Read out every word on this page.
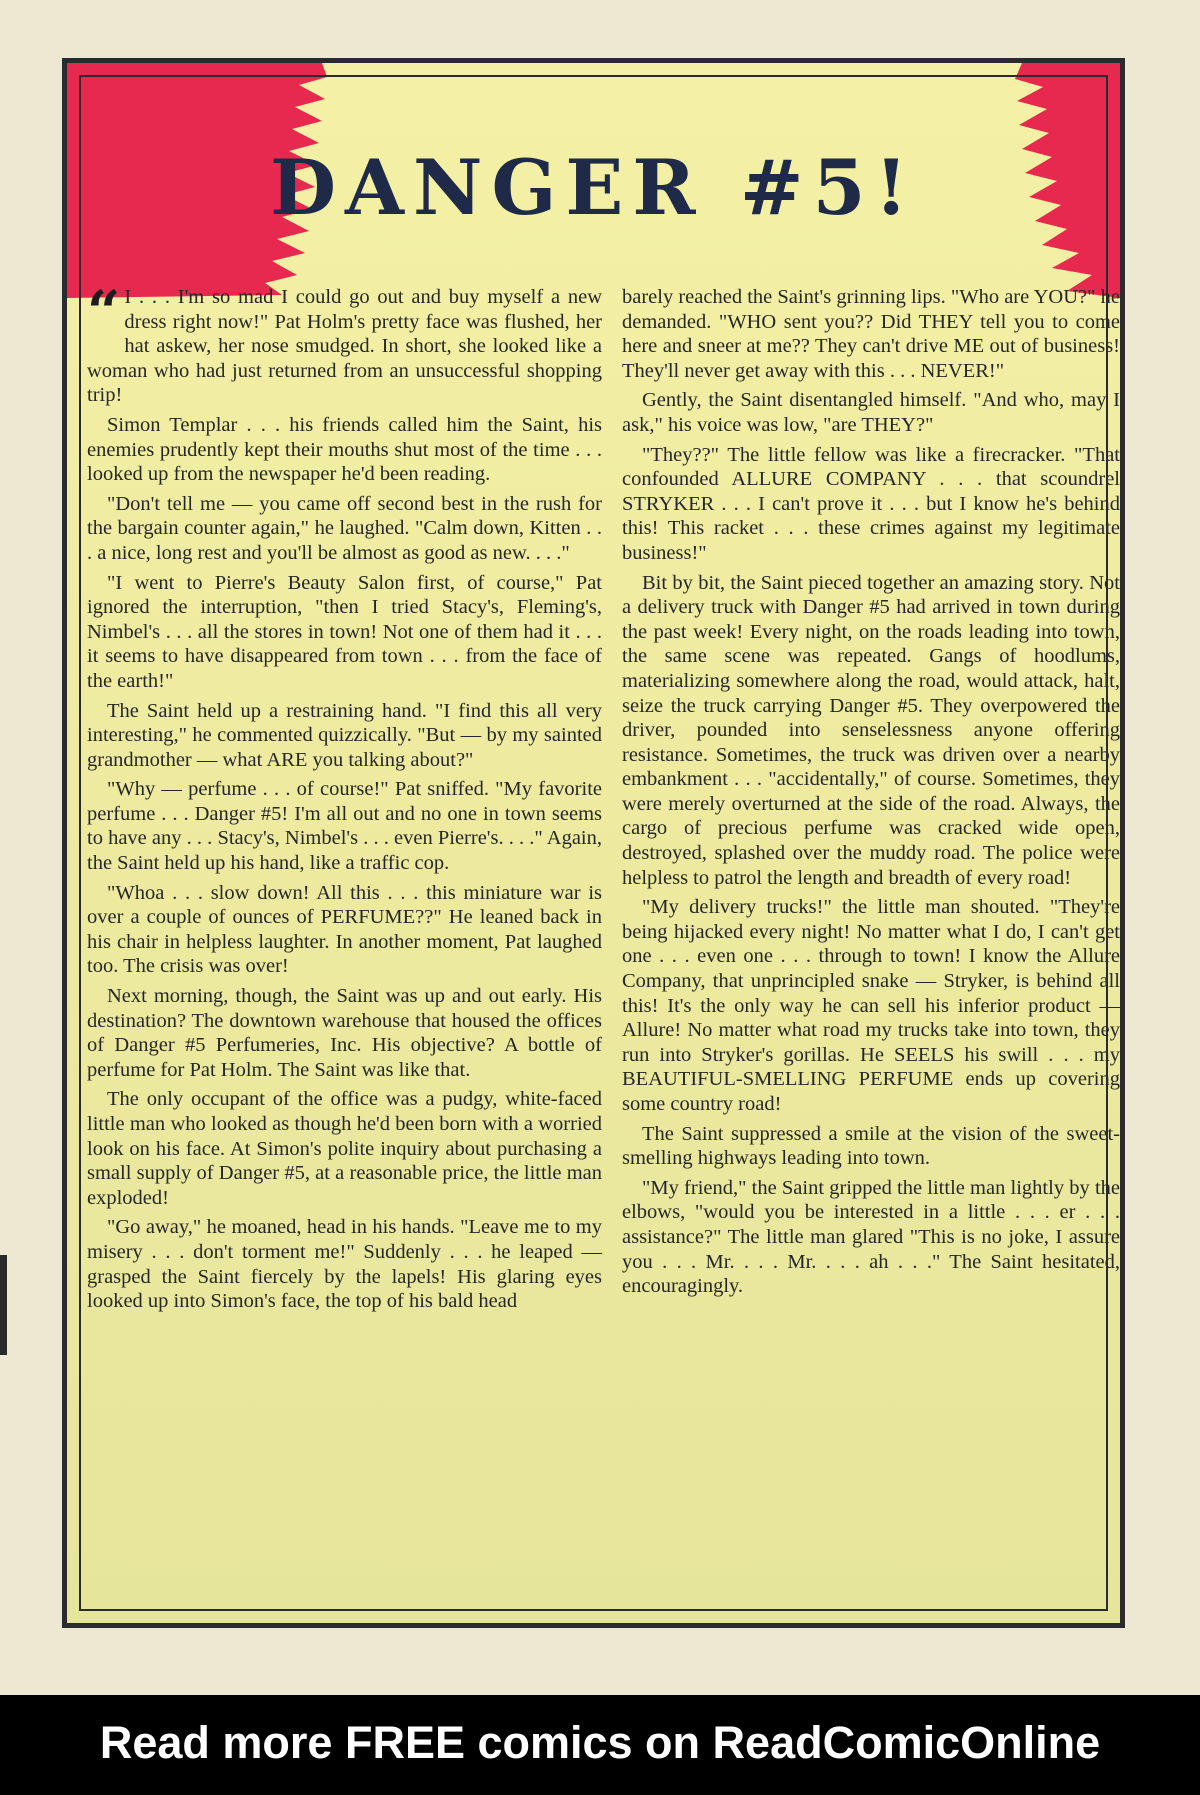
DANGER #5!

“ I . . . I'm so mad I could go out and buy myself a new dress right now!" Pat Holm's pretty face was flushed, her hat askew, her nose smudged. In short, she looked like a woman who had just returned from an unsuccessful shopping trip!

Simon Templar . . . his friends called him the Saint, his enemies prudently kept their mouths shut most of the time . . . looked up from the newspaper he'd been reading.

"Don't tell me — you came off second best in the rush for the bargain counter again," he laughed. "Calm down, Kitten . . . a nice, long rest and you'll be almost as good as new. . . ."

"I went to Pierre's Beauty Salon first, of course," Pat ignored the interruption, "then I tried Stacy's, Fleming's, Nimbel's . . . all the stores in town! Not one of them had it . . . it seems to have disappeared from town . . . from the face of the earth!"

The Saint held up a restraining hand. "I find this all very interesting," he commented quizzically. "But — by my sainted grandmother — what ARE you talking about?"

"Why — perfume . . . of course!" Pat sniffed. "My favorite perfume . . . Danger #5! I'm all out and no one in town seems to have any . . . Stacy's, Nimbel's . . . even Pierre's. . . ." Again, the Saint held up his hand, like a traffic cop.

"Whoa . . . slow down! All this . . . this miniature war is over a couple of ounces of PERFUME??" He leaned back in his chair in helpless laughter. In another moment, Pat laughed too. The crisis was over!

Next morning, though, the Saint was up and out early. His destination? The downtown warehouse that housed the offices of Danger #5 Perfumeries, Inc. His objective? A bottle of perfume for Pat Holm. The Saint was like that.

The only occupant of the office was a pudgy, white-faced little man who looked as though he'd been born with a worried look on his face. At Simon's polite inquiry about purchasing a small supply of Danger #5, at a reasonable price, the little man exploded!

"Go away," he moaned, head in his hands. "Leave me to my misery . . . don't torment me!" Suddenly . . . he leaped — grasped the Saint fiercely by the lapels! His glaring eyes looked up into Simon's face, the top of his bald head

barely reached the Saint's grinning lips. "Who are YOU?" he demanded. "WHO sent you?? Did THEY tell you to come here and sneer at me?? They can't drive ME out of business! They'll never get away with this . . . NEVER!"

Gently, the Saint disentangled himself. "And who, may I ask," his voice was low, "are THEY?"

"They??" The little fellow was like a firecracker. "That confounded ALLURE COMPANY . . . that scoundrel STRYKER . . . I can't prove it . . . but I know he's behind this! This racket . . . these crimes against my legitimate business!"

Bit by bit, the Saint pieced together an amazing story. Not a delivery truck with Danger #5 had arrived in town during the past week! Every night, on the roads leading into town, the same scene was repeated. Gangs of hoodlums, materializing somewhere along the road, would attack, halt, seize the truck carrying Danger #5. They overpowered the driver, pounded into senselessness anyone offering resistance. Sometimes, the truck was driven over a nearby embankment . . . "accidentally," of course. Sometimes, they were merely overturned at the side of the road. Always, the cargo of precious perfume was cracked wide open, destroyed, splashed over the muddy road. The police were helpless to patrol the length and breadth of every road!

"My delivery trucks!" the little man shouted. "They're being hijacked every night! No matter what I do, I can't get one . . . even one . . . through to town! I know the Allure Company, that unprincipled snake — Stryker, is behind all this! It's the only way he can sell his inferior product — Allure! No matter what road my trucks take into town, they run into Stryker's gorillas. He SEELS his swill . . . my BEAUTIFUL-SMELLING PERFUME ends up covering some country road!

The Saint suppressed a smile at the vision of the sweet-smelling highways leading into town.

"My friend," the Saint gripped the little man lightly by the elbows, "would you be interested in a little . . . er . . . assistance?" The little man glared "This is no joke, I assure you . . . Mr. . . . Mr. . . . ah . . ." The Saint hesitated, encouragingly.

Read more FREE comics on ReadComicOnline
